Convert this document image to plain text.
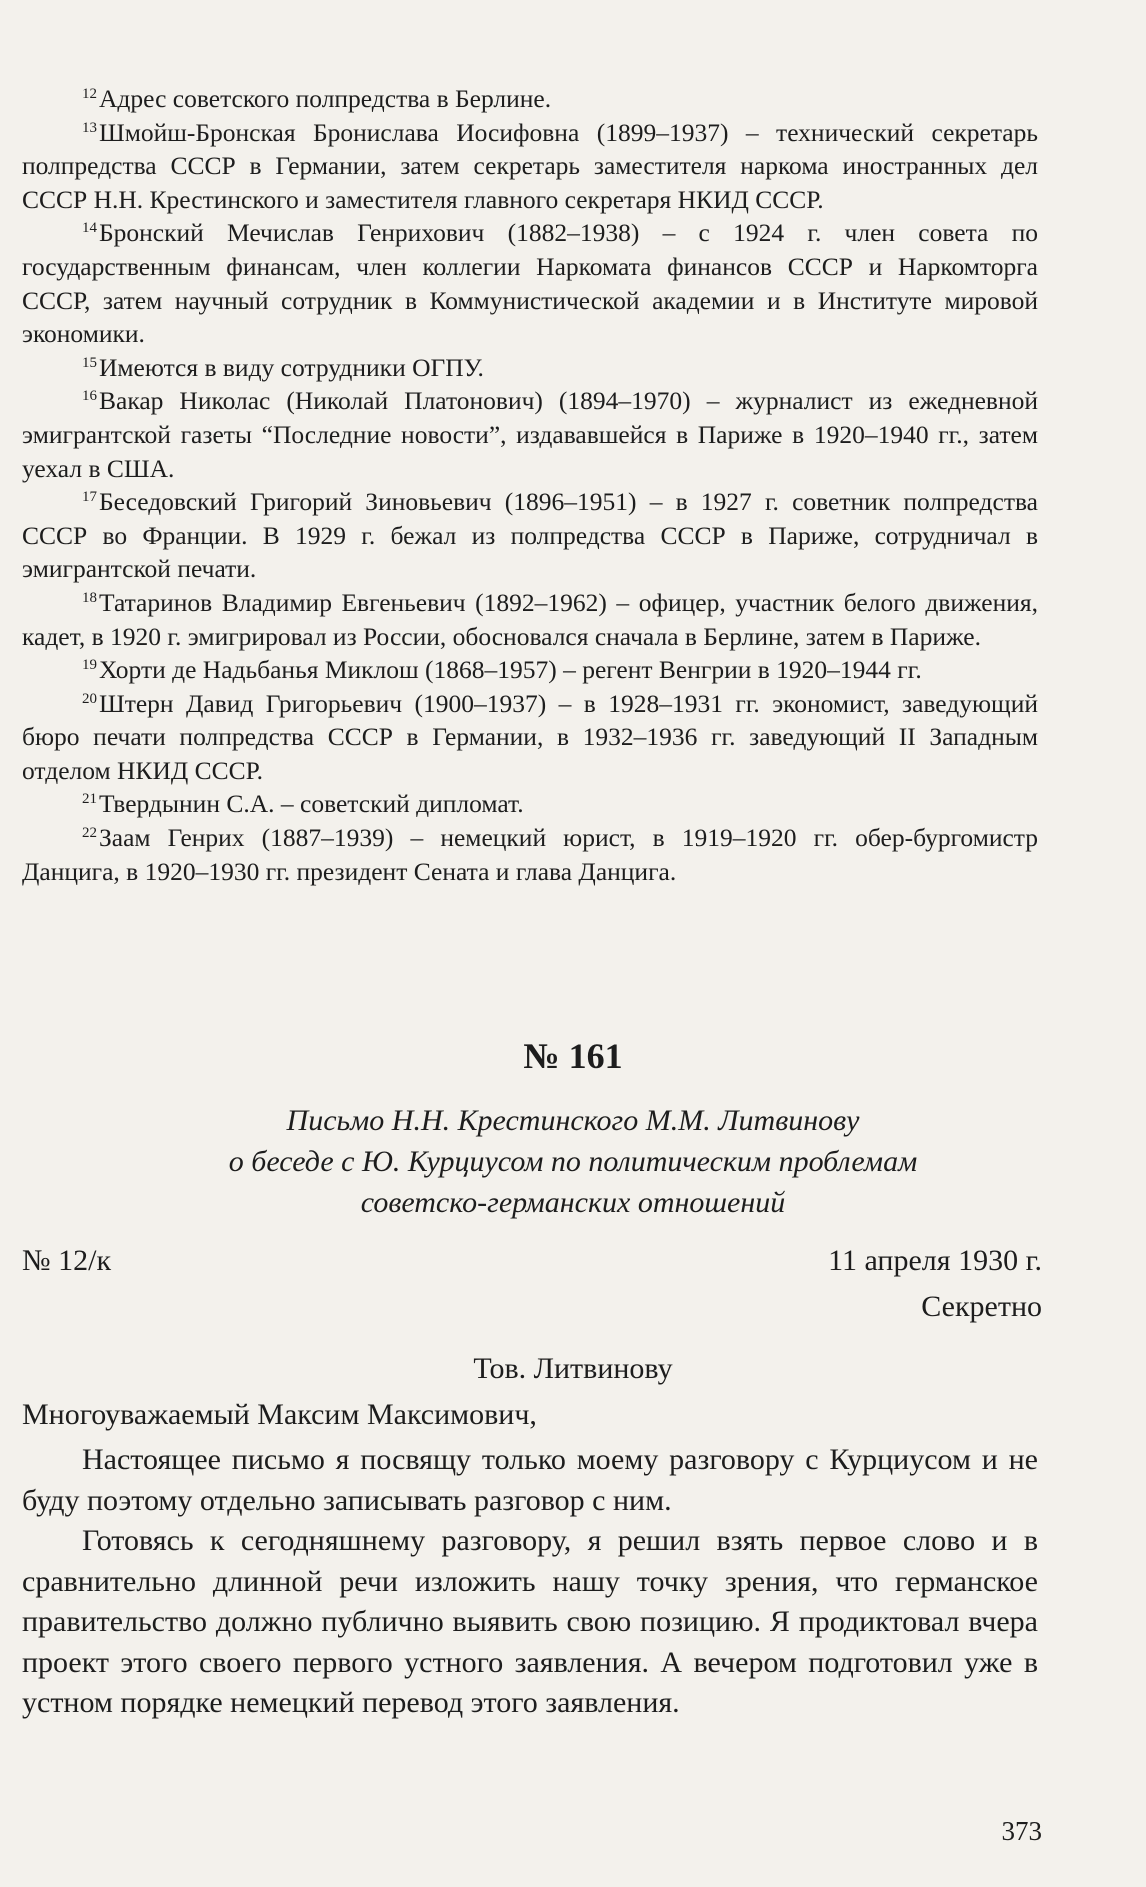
$^{12}$Адрес советского полпредства в Берлине.

$^{13}$Шмойш-Бронская Бронислава Иосифовна (1899–1937) – технический секретарь полпредства СССР в Германии, затем секретарь заместителя наркома иностранных дел СССР Н.Н. Крестинского и заместителя главного секретаря НКИД СССР.

$^{14}$Бронский Мечислав Генрихович (1882–1938) – с 1924 г. член совета по государственным финансам, член коллегии Наркомата финансов СССР и Наркомторга СССР, затем научный сотрудник в Коммунистической академии и в Институте мировой экономики.

$^{15}$Имеются в виду сотрудники ОГПУ.

$^{16}$Вакар Николас (Николай Платонович) (1894–1970) – журналист из ежедневной эмигрантской газеты “Последние новости”, издававшейся в Париже в 1920–1940 гг., затем уехал в США.

$^{17}$Беседовский Григорий Зиновьевич (1896–1951) – в 1927 г. советник полпредства СССР во Франции. В 1929 г. бежал из полпредства СССР в Париже, сотрудничал в эмигрантской печати.

$^{18}$Татаринов Владимир Евгеньевич (1892–1962) – офицер, участник белого движения, кадет, в 1920 г. эмигрировал из России, обосновался сначала в Берлине, затем в Париже.

$^{19}$Хорти де Надьбанья Миклош (1868–1957) – регент Венгрии в 1920–1944 гг.

$^{20}$Штерн Давид Григорьевич (1900–1937) – в 1928–1931 гг. экономист, заведующий бюро печати полпредства СССР в Германии, в 1932–1936 гг. заведующий II Западным отделом НКИД СССР.

$^{21}$Твердынин С.А. – советский дипломат.

$^{22}$Заам Генрих (1887–1939) – немецкий юрист, в 1919–1920 гг. обер-бургомистр Данцига, в 1920–1930 гг. президент Сената и глава Данцига.

№ 161
Письмо Н.Н. Крестинского М.М. Литвинову
о беседе с Ю. Курциусом по политическим проблемам
советско-германских отношений
№ 12/к	11 апреля 1930 г.
Секретно
Тов. Литвинову
Многоуважаемый Максим Максимович,

Настоящее письмо я посвящу только моему разговору с Курциусом и не буду поэтому отдельно записывать разговор с ним.

Готовясь к сегодняшнему разговору, я решил взять первое слово и в сравнительно длинной речи изложить нашу точку зрения, что германское правительство должно публично выявить свою позицию. Я продиктовал вчера проект этого своего первого устного заявления. А вечером подготовил уже в устном порядке немецкий перевод этого заявления.

373
